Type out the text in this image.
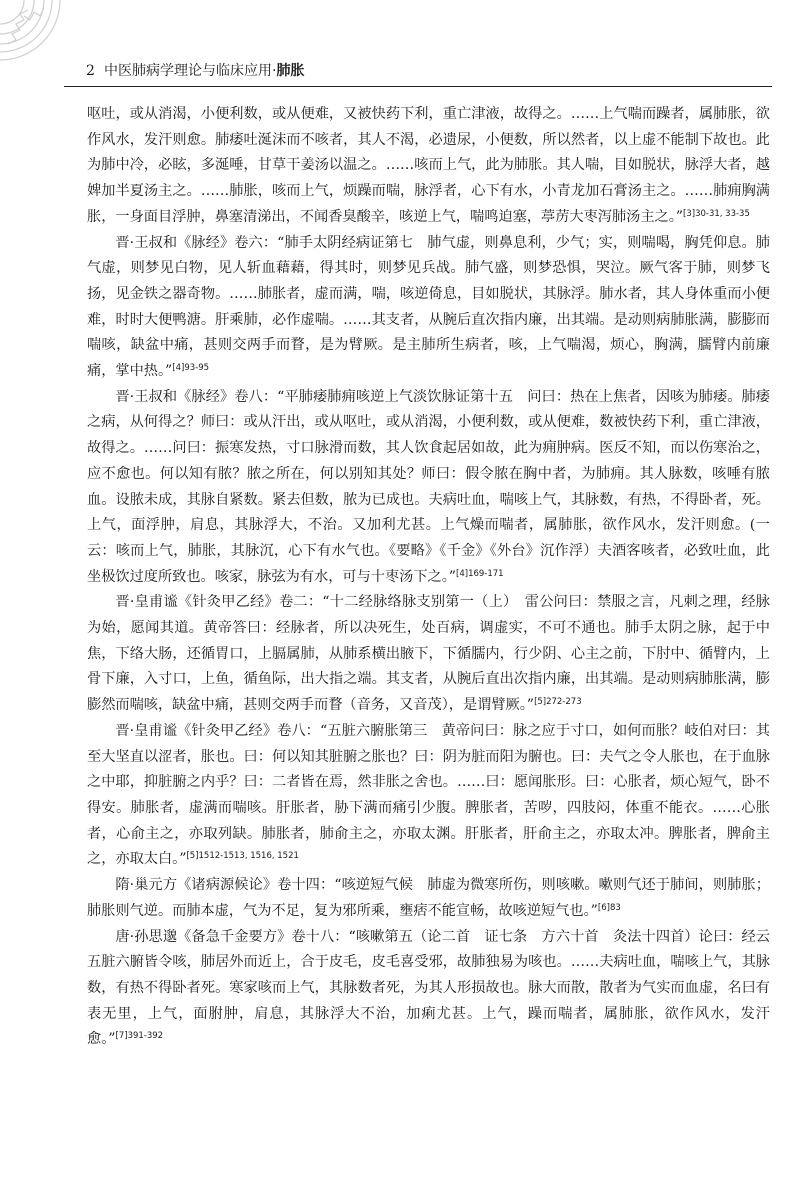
2 中医肺病学理论与临床应用·肺胀

呕吐，或从消渴，小便利数，或从便难，又被快药下利，重亡津液，故得之。……上气喘而躁者，属肺胀，欲作风水，发汗则愈。肺痿吐涎沫而不咳者，其人不渴，必遗尿，小便数，所以然者，以上虚不能制下故也。此为肺中冷，必眩，多涎唾，甘草干姜汤以温之。……咳而上气，此为肺胀。其人喘，目如脱状，脉浮大者，越婢加半夏汤主之。……肺胀，咳而上气，烦躁而喘，脉浮者，心下有水，小青龙加石膏汤主之。……肺痈胸满胀，一身面目浮肿，鼻塞清涕出，不闻香臭酸辛，咳逆上气，喘鸣迫塞，葶苈大枣泻肺汤主之。”$^{[3]30-31, 33-35}$

晋·王叔和《脉经》卷六：“肺手太阴经病证第七　肺气虚，则鼻息利，少气；实，则喘喝，胸凭仰息。肺气虚，则梦见白物，见人斩血藉藉，得其时，则梦见兵战。肺气盛，则梦恐惧，哭泣。厥气客于肺，则梦飞扬，见金铁之器奇物。……肺胀者，虚而满，喘，咳逆倚息，目如脱状，其脉浮。肺水者，其人身体重而小便难，时时大便鸭溏。肝乘肺，必作虚喘。……其支者，从腕后直次指内廉，出其端。是动则病肺胀满，膨膨而喘咳，缺盆中痛，甚则交两手而瞀，是为臂厥。是主肺所生病者，咳，上气喘渴，烦心，胸满，臑臂内前廉痛，掌中热。”$^{[4]93-95}$

晋·王叔和《脉经》卷八：“平肺痿肺痈咳逆上气淡饮脉证第十五　问曰：热在上焦者，因咳为肺痿。肺痿之病，从何得之？师曰：或从汗出，或从呕吐，或从消渴，小便利数，或从便难，数被快药下利，重亡津液，故得之。……问曰：振寒发热，寸口脉滑而数，其人饮食起居如故，此为痈肿病。医反不知，而以伤寒治之，应不愈也。何以知有脓？脓之所在，何以别知其处？师曰：假令脓在胸中者，为肺痈。其人脉数，咳唾有脓血。设脓未成，其脉自紧数。紧去但数，脓为已成也。夫病吐血，喘咳上气，其脉数，有热，不得卧者，死。上气，面浮肿，肩息，其脉浮大，不治。又加利尤甚。上气燥而喘者，属肺胀，欲作风水，发汗则愈。(一云：咳而上气，肺胀，其脉沉，心下有水气也。《要略》《千金》《外台》沉作浮）夫酒客咳者，必致吐血，此坐极饮过度所致也。咳家，脉弦为有水，可与十枣汤下之。”$^{[4]169-171}$

晋·皇甫谧《针灸甲乙经》卷二：“十二经脉络脉支别第一（上）　雷公问曰：禁服之言，凡刺之理，经脉为始，愿闻其道。黄帝答曰：经脉者，所以决死生，处百病，调虚实，不可不通也。肺手太阴之脉，起于中焦，下络大肠，还循胃口，上膈属肺，从肺系横出腋下，下循臑内，行少阴、心主之前，下肘中、循臂内，上骨下廉，入寸口，上鱼，循鱼际，出大指之端。其支者，从腕后直出次指内廉，出其端。是动则病肺胀满，膨膨然而喘咳，缺盆中痛，甚则交两手而瞀（音务，又音茂），是谓臂厥。”$^{[5]272-273}$

晋·皇甫谧《针灸甲乙经》卷八：“五脏六腑胀第三　黄帝问曰：脉之应于寸口，如何而胀？岐伯对曰：其至大坚直以涩者，胀也。曰：何以知其脏腑之胀也？曰：阴为脏而阳为腑也。曰：夫气之令人胀也，在于血脉之中耶，抑脏腑之内乎？曰：二者皆在焉，然非胀之舍也。……曰：愿闻胀形。曰：心胀者，烦心短气，卧不得安。肺胀者，虚满而喘咳。肝胀者，胁下满而痛引少腹。脾胀者，苦哕，四肢闷，体重不能衣。……心胀者，心俞主之，亦取列缺。肺胀者，肺俞主之，亦取太渊。肝胀者，肝俞主之，亦取太冲。脾胀者，脾俞主之，亦取太白。”$^{[5]1512-1513, 1516, 1521}$

隋·巢元方《诸病源候论》卷十四：“咳逆短气候　肺虚为微寒所伤，则咳嗽。嗽则气还于肺间，则肺胀；肺胀则气逆。而肺本虚，气为不足，复为邪所乘，壅痞不能宣畅，故咳逆短气也。”$^{[6]83}$

唐·孙思邈《备急千金要方》卷十八：“咳嗽第五（论二首　证七条　方六十首　灸法十四首）论曰：经云五脏六腑皆令咳，肺居外而近上，合于皮毛，皮毛喜受邪，故肺独易为咳也。……夫病吐血，喘咳上气，其脉数，有热不得卧者死。寒家咳而上气，其脉数者死，为其人形损故也。脉大而散，散者为气实而血虚，名曰有表无里，上气，面胕肿，肩息，其脉浮大不治，加痢尤甚。上气，躁而喘者，属肺胀，欲作风水，发汗愈。”$^{[7]391-392}$
